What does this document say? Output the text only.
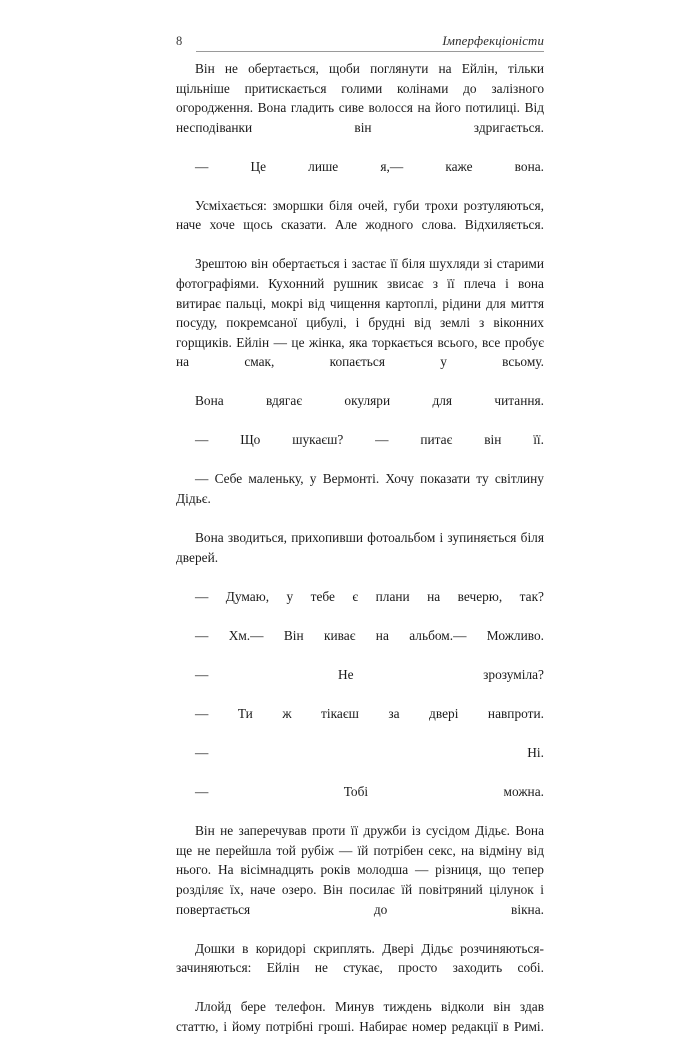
8	Імперфекціоністи

Він не обертається, щоби поглянути на Ейлін, тільки щільніше притискається голими колінами до залізного огородження. Вона гладить сиве волосся на його потилиці. Від несподіванки він здригається.

— Це лише я,— каже вона.

Усміхається: зморшки біля очей, губи трохи розтуляються, наче хоче щось сказати. Але жодного слова. Відхиляється.

Зрештою він обертається і застає її біля шухляди зі старими фотографіями. Кухонний рушник звисає з її плеча і вона витирає пальці, мокрі від чищення картоплі, рідини для миття посуду, покремсаної цибулі, і брудні від землі з віконних горщиків. Ейлін — це жінка, яка торкається всього, все пробує на смак, копається у всьому.

Вона вдягає окуляри для читання.

— Що шукаєш? — питає він її.

— Себе маленьку, у Вермонті. Хочу показати ту світлину Дідьє.

Вона зводиться, прихопивши фотоальбом і зупиняється біля дверей.

— Думаю, у тебе є плани на вечерю, так?

— Хм.— Він киває на альбом.— Можливо.

— Не зрозуміла?

— Ти ж тікаєш за двері навпроти.

— Ні.

— Тобі можна.

Він не заперечував проти її дружби із сусідом Дідьє. Вона ще не перейшла той рубіж — їй потрібен секс, на відміну від нього. На вісімнадцять років молодша — різниця, що тепер розділяє їх, наче озеро. Він посилає їй повітряний цілунок і повертається до вікна.

Дошки в коридорі скриплять. Двері Дідьє розчиняються-зачиняються: Ейлін не стукає, просто заходить собі.

Ллойд бере телефон. Минув тиждень відколи він здав статтю, і йому потрібні гроші. Набирає номер редакції в Римі.
